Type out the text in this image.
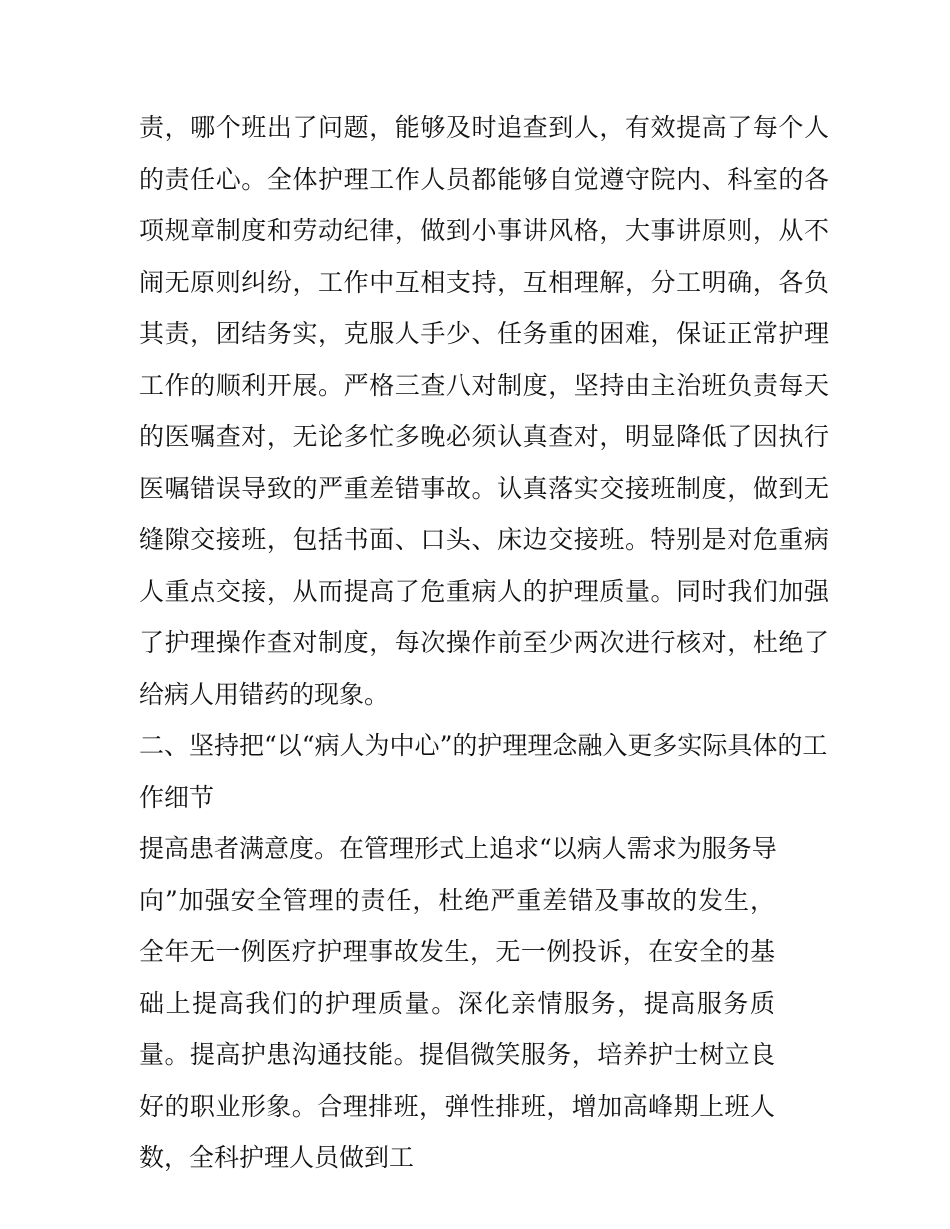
责，哪个班出了问题，能够及时追查到人，有效提高了每个人的责任心。全体护理工作人员都能够自觉遵守院内、科室的各项规章制度和劳动纪律，做到小事讲风格，大事讲原则，从不闹无原则纠纷，工作中互相支持，互相理解，分工明确，各负其责，团结务实，克服人手少、任务重的困难，保证正常护理工作的顺利开展。严格三查八对制度，坚持由主治班负责每天的医嘱查对，无论多忙多晚必须认真查对，明显降低了因执行医嘱错误导致的严重差错事故。认真落实交接班制度，做到无缝隙交接班，包括书面、口头、床边交接班。特别是对危重病人重点交接，从而提高了危重病人的护理质量。同时我们加强了护理操作查对制度，每次操作前至少两次进行核对，杜绝了给病人用错药的现象。

二、坚持把“以“病人为中心”的护理理念融入更多实际具体的工作细节

提高患者满意度。在管理形式上追求“以病人需求为服务导

向”加强安全管理的责任，杜绝严重差错及事故的发生，全年无一例医疗护理事故发生，无一例投诉，在安全的基础上提高我们的护理质量。深化亲情服务，提高服务质量。提高护患沟通技能。提倡微笑服务，培养护士树立良好的职业形象。合理排班，弹性排班，增加高峰期上班人数，全科护理人员做到工
